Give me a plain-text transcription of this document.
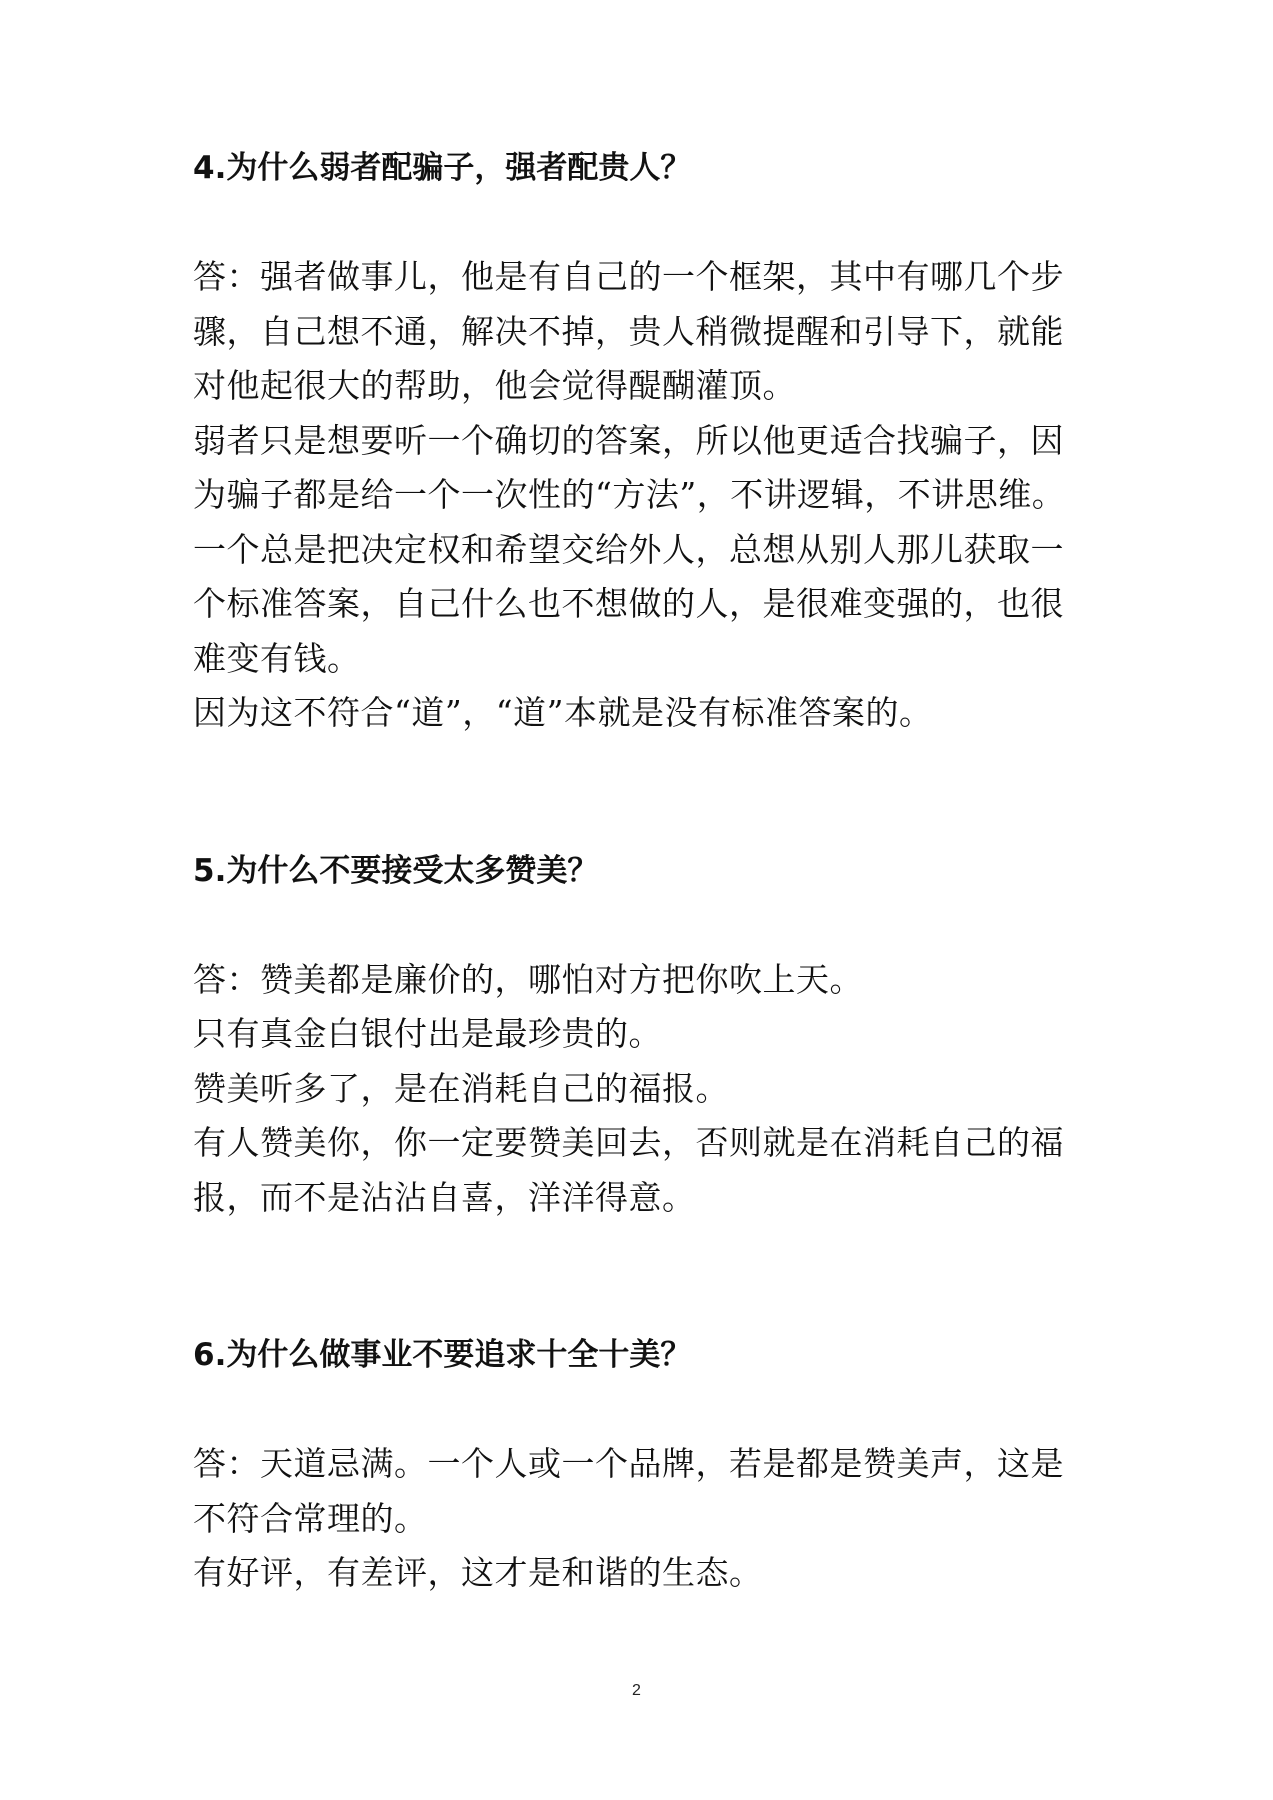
4.为什么弱者配骗子，强者配贵人？

答：强者做事儿，他是有自己的一个框架，其中有哪几个步

骤，自己想不通，解决不掉，贵人稍微提醒和引导下，就能

对他起很大的帮助，他会觉得醍醐灌顶。

弱者只是想要听一个确切的答案，所以他更适合找骗子，因

为骗子都是给一个一次性的“方法”，不讲逻辑，不讲思维。

一个总是把决定权和希望交给外人，总想从别人那儿获取一

个标准答案，自己什么也不想做的人，是很难变强的，也很

难变有钱。

因为这不符合“道”，“道”本就是没有标准答案的。

5.为什么不要接受太多赞美？

答：赞美都是廉价的，哪怕对方把你吹上天。

只有真金白银付出是最珍贵的。

赞美听多了，是在消耗自己的福报。

有人赞美你，你一定要赞美回去，否则就是在消耗自己的福

报，而不是沾沾自喜，洋洋得意。

6.为什么做事业不要追求十全十美？

答：天道忌满。一个人或一个品牌，若是都是赞美声，这是

不符合常理的。

有好评，有差评，这才是和谐的生态。

2
